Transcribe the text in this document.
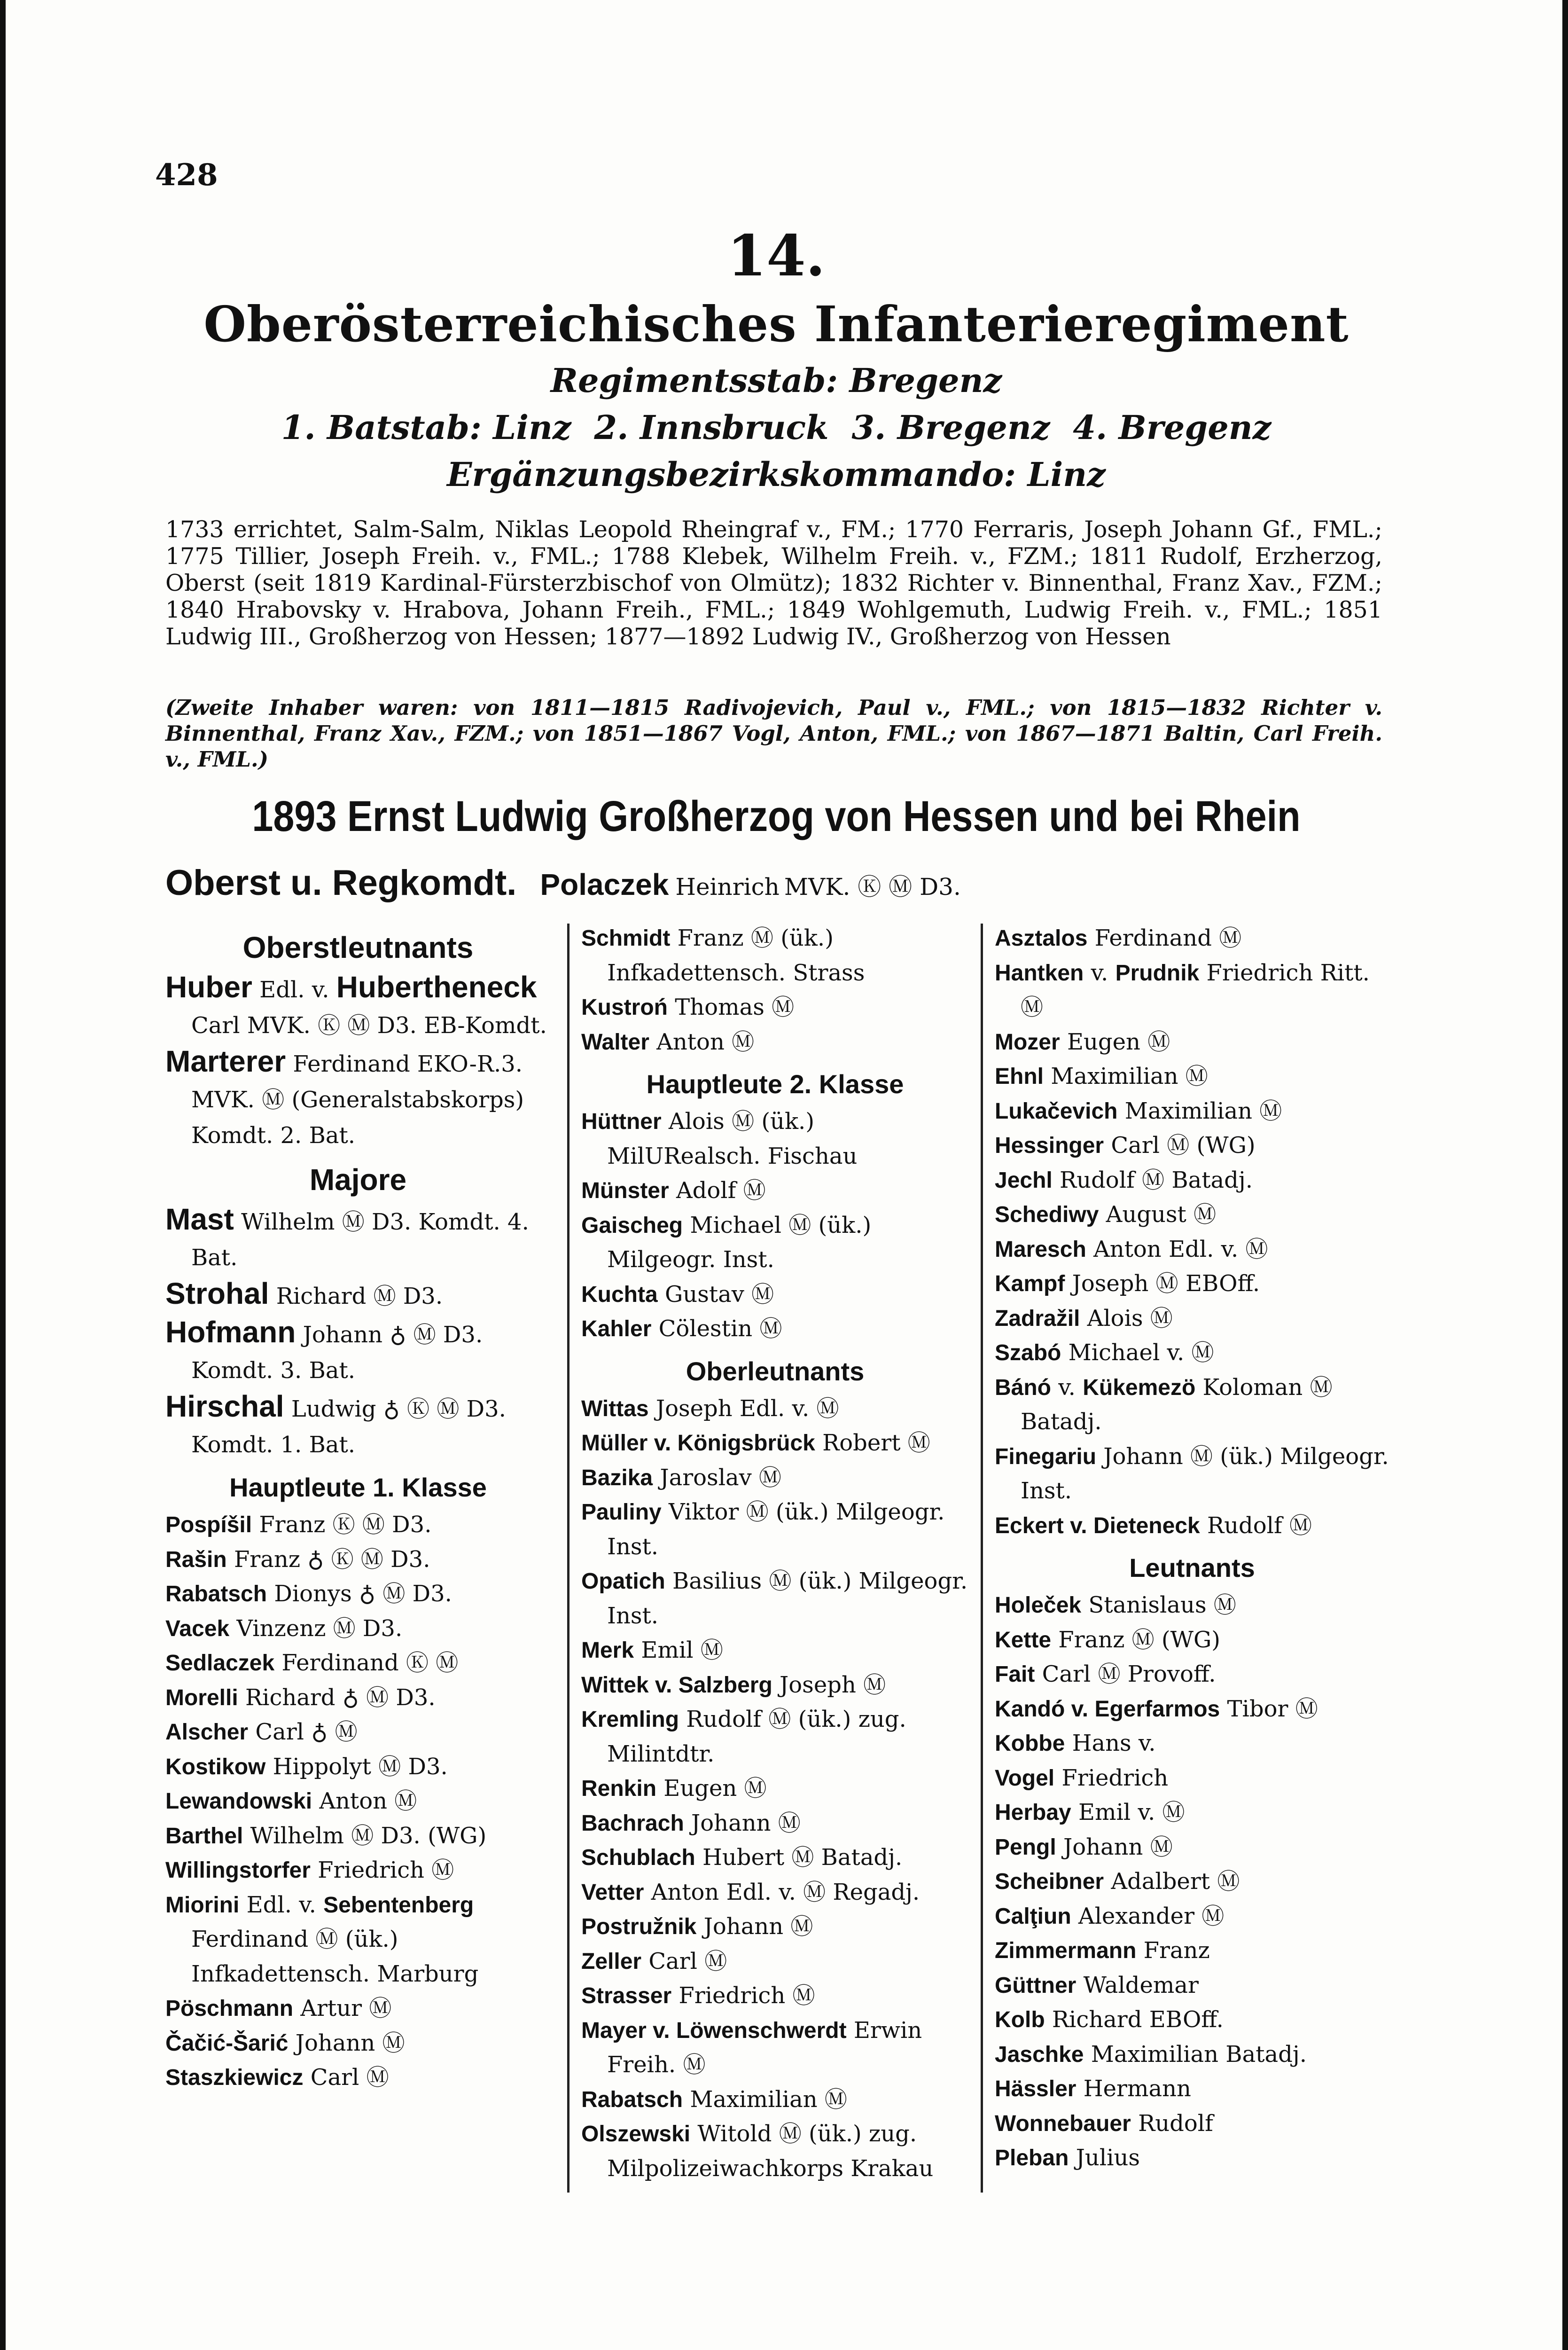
428
14.
Oberösterreichisches Infanterieregiment
Regimentsstab: Bregenz
1. Batstab: Linz  2. Innsbruck  3. Bregenz  4. Bregenz
Ergänzungsbezirkskommando: Linz
1733 errichtet, Salm-Salm, Niklas Leopold Rheingraf v., FM.; 1770 Ferraris, Joseph Johann Gf., FML.; 1775 Tillier, Joseph Freih. v., FML.; 1788 Klebek, Wilhelm Freih. v., FZM.; 1811 Rudolf, Erzherzog, Oberst (seit 1819 Kardinal-Fürsterzbischof von Olmütz); 1832 Richter v. Binnenthal, Franz Xav., FZM.; 1840 Hrabovsky v. Hrabova, Johann Freih., FML.; 1849 Wohlgemuth, Ludwig Freih. v., FML.; 1851 Ludwig III., Großherzog von Hessen; 1877—1892 Ludwig IV., Großherzog von Hessen
(Zweite Inhaber waren: von 1811—1815 Radivojevich, Paul v., FML.; von 1815—1832 Richter v. Binnenthal, Franz Xav., FZM.; von 1851—1867 Vogl, Anton, FML.; von 1867—1871 Baltin, Carl Freih. v., FML.)
1893 Ernst Ludwig Großherzog von Hessen und bei Rhein
Oberst u. Regkomdt. Polaczek Heinrich MVK. Ⓚ Ⓜ D3.
Oberstleutnants
Huber Edl. v. Hubertheneck Carl MVK. Ⓚ Ⓜ D3. EB-Komdt.
Marterer Ferdinand EKO-R.3. MVK. Ⓜ (Generalstabskorps) Komdt. 2. Bat.
Majore
Mast Wilhelm Ⓜ D3. Komdt. 4. Bat.
Strohal Richard Ⓜ D3.
Hofmann Johann ♁ Ⓜ D3. Komdt. 3. Bat.
Hirschal Ludwig ♁ Ⓚ Ⓜ D3. Komdt. 1. Bat.
Hauptleute 1. Klasse
Pospíšil Franz Ⓚ Ⓜ D3.
Rašin Franz ♁ Ⓚ Ⓜ D3.
Rabatsch Dionys ♁ Ⓜ D3.
Vacek Vinzenz Ⓜ D3.
Sedlaczek Ferdinand Ⓚ Ⓜ
Morelli Richard ♁ Ⓜ D3.
Alscher Carl ♁ Ⓜ
Kostikow Hippolyt Ⓜ D3.
Lewandowski Anton Ⓜ
Barthel Wilhelm Ⓜ D3. (WG)
Willingstorfer Friedrich Ⓜ
Miorini Edl. v. Sebentenberg Ferdinand Ⓜ (ük.) Infkadettensch. Marburg
Pöschmann Artur Ⓜ
Čačić-Šarić Johann Ⓜ
Staszkiewicz Carl Ⓜ
Schmidt Franz Ⓜ (ük.) Infkadettensch. Strass
Kustroń Thomas Ⓜ
Walter Anton Ⓜ
Hauptleute 2. Klasse
Hüttner Alois Ⓜ (ük.) MilURealsch. Fischau
Münster Adolf Ⓜ
Gaischeg Michael Ⓜ (ük.) Milgeogr. Inst.
Kuchta Gustav Ⓜ
Kahler Cölestin Ⓜ
Oberleutnants
Wittas Joseph Edl. v. Ⓜ
Müller v. Königsbrück Robert Ⓜ
Bazika Jaroslav Ⓜ
Pauliny Viktor Ⓜ (ük.) Milgeogr. Inst.
Opatich Basilius Ⓜ (ük.) Milgeogr. Inst.
Merk Emil Ⓜ
Wittek v. Salzberg Joseph Ⓜ
Kremling Rudolf Ⓜ (ük.) zug. Milintdtr.
Renkin Eugen Ⓜ
Bachrach Johann Ⓜ
Schublach Hubert Ⓜ Batadj.
Vetter Anton Edl. v. Ⓜ Regadj.
Postružnik Johann Ⓜ
Zeller Carl Ⓜ
Strasser Friedrich Ⓜ
Mayer v. Löwenschwerdt Erwin Freih. Ⓜ
Rabatsch Maximilian Ⓜ
Olszewski Witold Ⓜ (ük.) zug. Milpolizeiwachkorps Krakau
Asztalos Ferdinand Ⓜ
Hantken v. Prudnik Friedrich Ritt. Ⓜ
Mozer Eugen Ⓜ
Ehnl Maximilian Ⓜ
Lukačevich Maximilian Ⓜ
Hessinger Carl Ⓜ (WG)
Jechl Rudolf Ⓜ Batadj.
Schediwy August Ⓜ
Maresch Anton Edl. v. Ⓜ
Kampf Joseph Ⓜ EBOff.
Zadražil Alois Ⓜ
Szabó Michael v. Ⓜ
Bánó v. Kükemezö Koloman Ⓜ Batadj.
Finegariu Johann Ⓜ (ük.) Milgeogr. Inst.
Eckert v. Dieteneck Rudolf Ⓜ
Leutnants
Holeček Stanislaus Ⓜ
Kette Franz Ⓜ (WG)
Fait Carl Ⓜ Provoff.
Kandó v. Egerfarmos Tibor Ⓜ
Kobbe Hans v.
Vogel Friedrich
Herbay Emil v. Ⓜ
Pengl Johann Ⓜ
Scheibner Adalbert Ⓜ
Calţiun Alexander Ⓜ
Zimmermann Franz
Güttner Waldemar
Kolb Richard EBOff.
Jaschke Maximilian Batadj.
Hässler Hermann
Wonnebauer Rudolf
Pleban Julius
